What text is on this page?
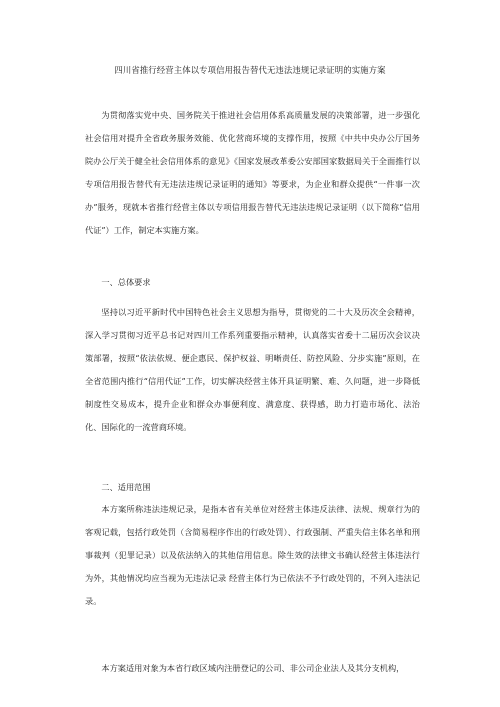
四川省推行经营主体以专项信用报告替代无违法违规记录证明的实施方案

为贯彻落实党中央、国务院关于推进社会信用体系高质量发展的决策部署，进一步强化社会信用对提升全省政务服务效能、优化营商环境的支撑作用，按照《中共中央办公厅国务院办公厅关于健全社会信用体系的意见》《国家发展改革委公安部国家数据局关于全面推行以专项信用报告替代有无违法违规记录证明的通知》等要求，为企业和群众提供“一件事一次办”服务，现就本省推行经营主体以专项信用报告替代无违法违规记录证明（以下简称“信用代证”）工作，制定本实施方案。

一、总体要求

坚持以习近平新时代中国特色社会主义思想为指导，贯彻党的二十大及历次全会精神，深入学习贯彻习近平总书记对四川工作系列重要指示精神，认真落实省委十二届历次会议决策部署，按照“依法依规、便企惠民、保护权益、明晰责任、防控风险、分步实施”原则，在全省范围内推行“信用代证”工作，切实解决经营主体开具证明繁、难、久问题，进一步降低制度性交易成本，提升企业和群众办事便利度、满意度、获得感，助力打造市场化、法治化、国际化的一流营商环境。

二、适用范围

本方案所称违法违规记录，是指本省有关单位对经营主体违反法律、法规、规章行为的客观记载，包括行政处罚（含简易程序作出的行政处罚）、行政强制、严重失信主体名单和刑事裁判（犯罪记录）以及依法纳入的其他信用信息。除生效的法律文书确认经营主体违法行为外，其他情况均应当视为无违法记录 经营主体行为已依法不予行政处罚的，不列入违法记录。

本方案适用对象为本省行政区域内注册登记的公司、非公司企业法人及其分支机构，
